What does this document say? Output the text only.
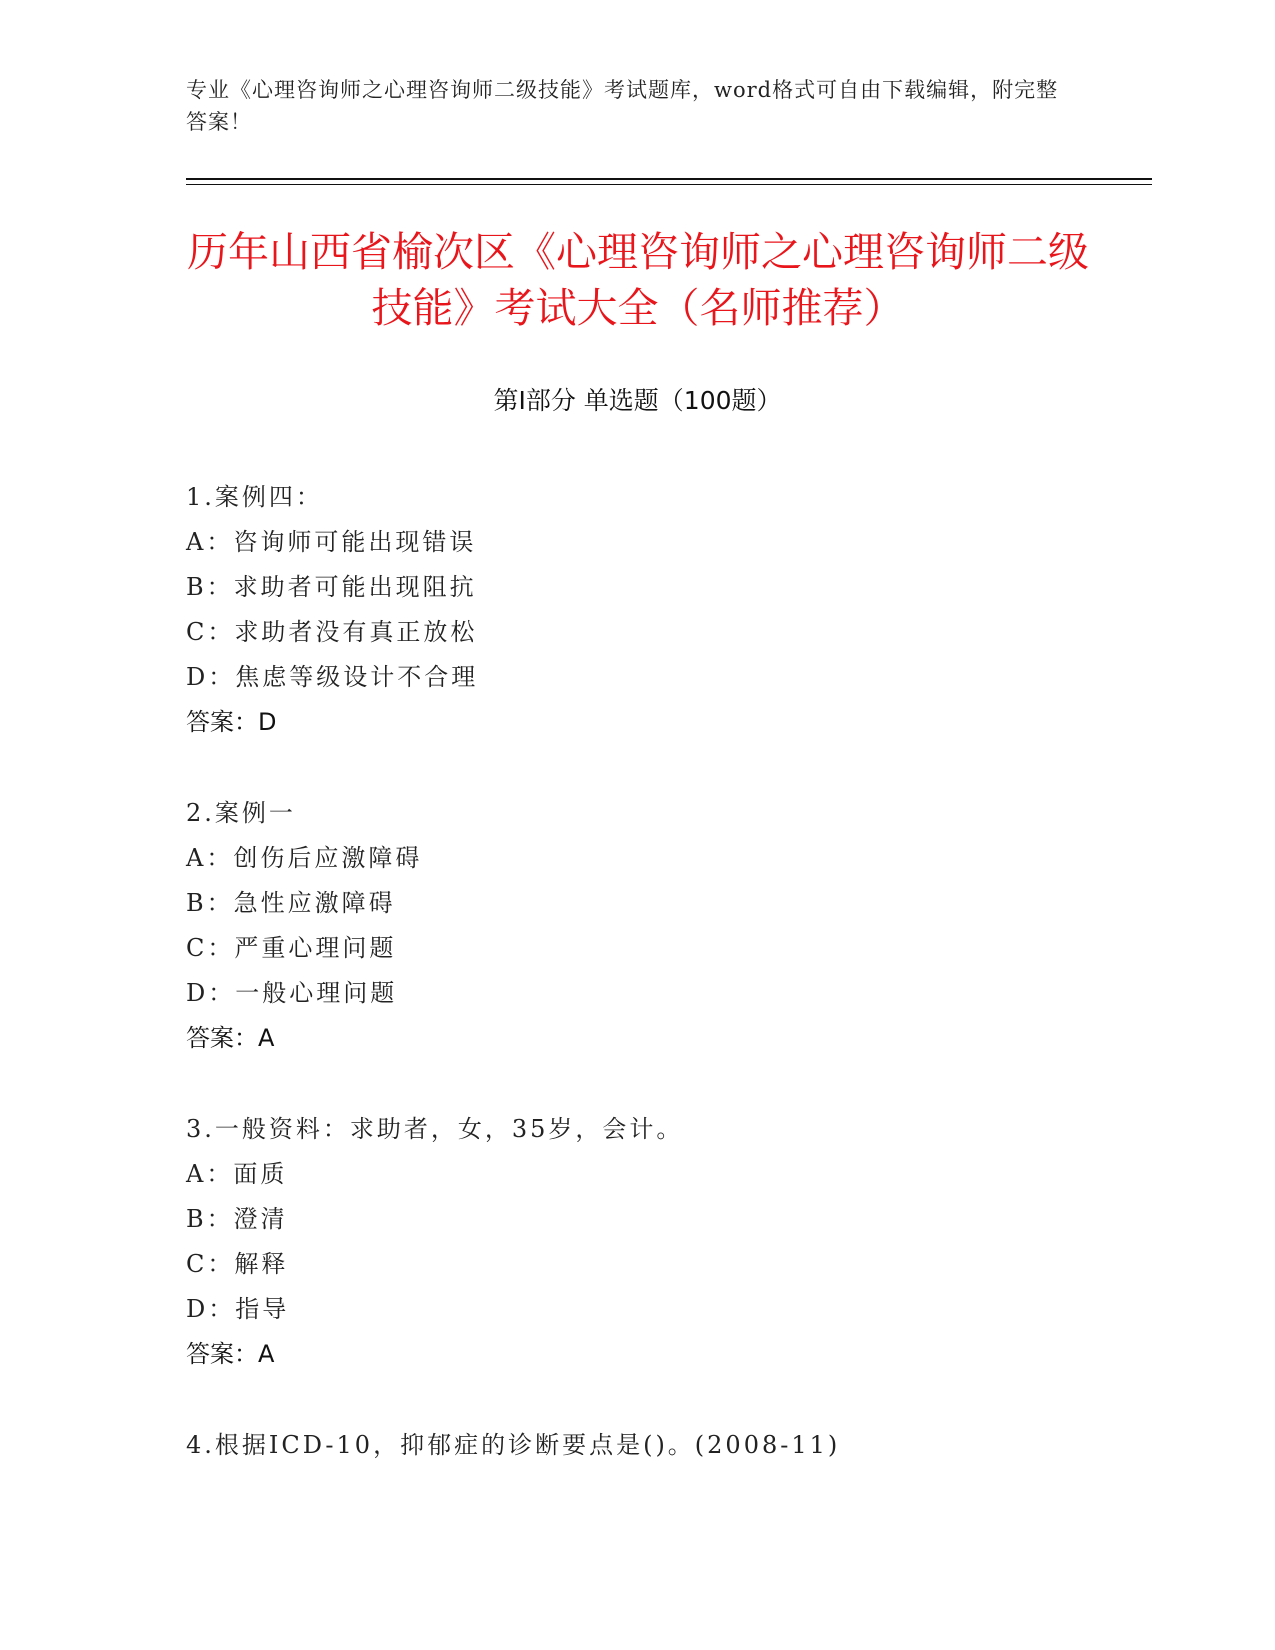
专业《心理咨询师之心理咨询师二级技能》考试题库，word格式可自由下载编辑，附完整答案！
历年山西省榆次区《心理咨询师之心理咨询师二级技能》考试大全（名师推荐）
第I部分 单选题（100题）
1.案例四：
A：咨询师可能出现错误
B：求助者可能出现阻抗
C：求助者没有真正放松
D：焦虑等级设计不合理
答案：D
2.案例一
A：创伤后应激障碍
B：急性应激障碍
C：严重心理问题
D：一般心理问题
答案：A
3.一般资料：求助者，女，35岁，会计。
A：面质
B：澄清
C：解释
D：指导
答案：A
4.根据ICD-10，抑郁症的诊断要点是()。(2008-11)
